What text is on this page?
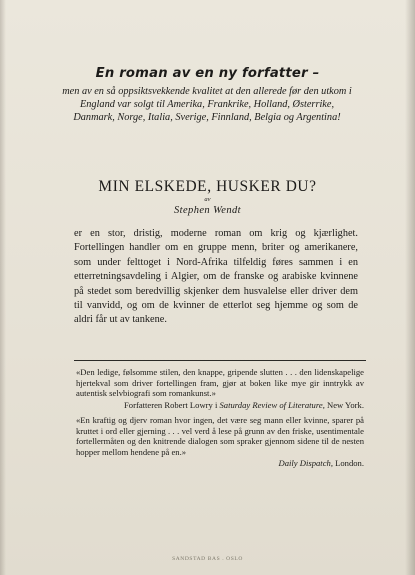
En roman av en ny forfatter –
men av en så oppsiktsvekkende kvalitet at den allerede før den utkom i England var solgt til Amerika, Frankrike, Holland, Østerrike, Danmark, Norge, Italia, Sverige, Finnland, Belgia og Argentina!
MIN ELSKEDE, HUSKER DU?
av
Stephen Wendt
er en stor, dristig, moderne roman om krig og kjærlighet. Fortellingen handler om en gruppe menn, briter og amerikanere, som under felttoget i Nord-Afrika tilfeldig føres sammen i en etterretningsavdeling i Algier, om de franske og arabiske kvinnene på stedet som beredvillig skjenker dem husvalelse eller driver dem til vanvidd, og om de kvinner de etterlot seg hjemme og som de aldri får ut av tankene.

«Den ledige, følsomme stilen, den knappe, gripende slutten . . . den lidenskapelige hjertekval som driver fortellingen fram, gjør at boken like mye gir inntrykk av autentisk selvbiografi som romankunst.»

Forfatteren Robert Lowry i Saturday Review of Literature, New York.

«En kraftig og djerv roman hvor ingen, det være seg mann eller kvinne, sparer på kruttet i ord eller gjerning . . . vel verd å lese på grunn av den friske, usentimentale fortellermåten og den knitrende dialogen som spraker gjennom sidene til de nesten hopper mellom hendene på en.»

Daily Dispatch, London.

SANDSTAD BAS . OSLO
